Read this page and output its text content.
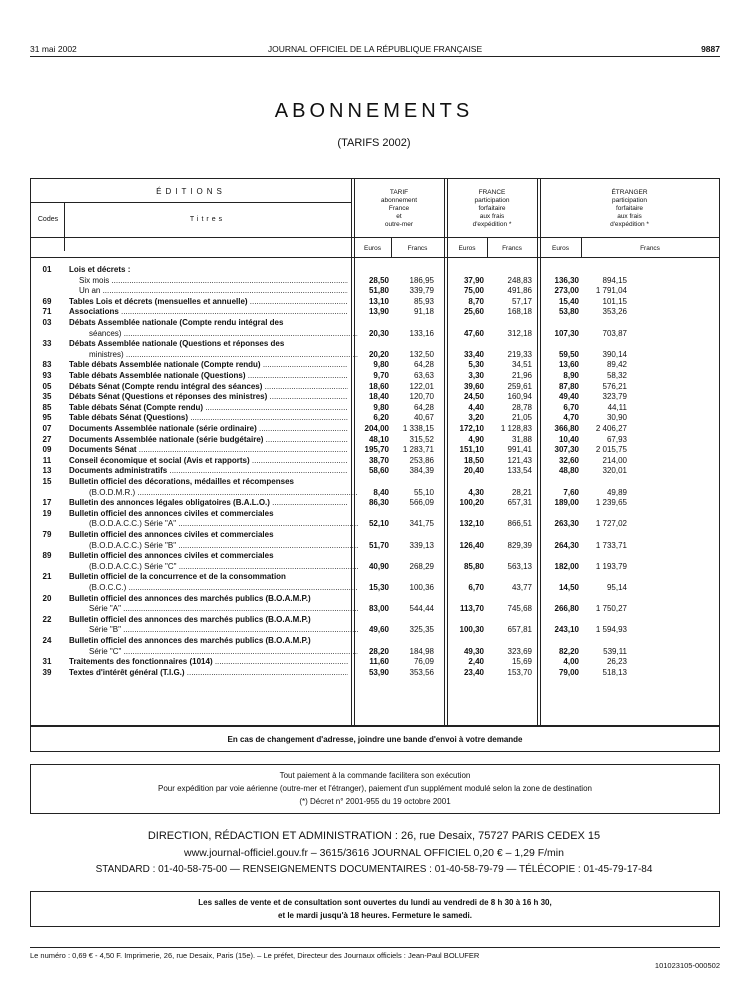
31 mai 2002	JOURNAL OFFICIEL DE LA RÉPUBLIQUE FRANÇAISE	9887
ABONNEMENTS
(TARIFS 2002)
ÉDITIONS
Codes	Titres
TARIF
abonnement
France
et
outre-mer
FRANCE
participation
forfaitaire
aux frais
d'expédition *
ÉTRANGER
participation
forfaitaire
aux frais
d'expédition *
Euros	Francs	Euros	Francs	Euros	Francs
01	Lois et décrets :
Six mois .....	28,50	186,95	37,90	248,83	136,30	894,15
Un an .....	51,80	339,79	75,00	491,86	273,00	1 791,04
69	Tables Lois et décrets (mensuelles et annuelle) .....	13,10	85,93	8,70	57,17	15,40	101,15
71	Associations .....	13,90	91,18	25,60	168,18	53,80	353,26
03	Débats Assemblée nationale (Compte rendu intégral des
séances) .....	20,30	133,16	47,60	312,18	107,30	703,87
33	Débats Assemblée nationale (Questions et réponses des
ministres) .....	20,20	132,50	33,40	219,33	59,50	390,14
83	Table débats Assemblée nationale (Compte rendu) .....	9,80	64,28	5,30	34,51	13,60	89,42
93	Table débats Assemblée nationale (Questions) .....	9,70	63,63	3,30	21,96	8,90	58,32
05	Débats Sénat (Compte rendu intégral des séances) .....	18,60	122,01	39,60	259,61	87,80	576,21
35	Débats Sénat (Questions et réponses des ministres) .....	18,40	120,70	24,50	160,94	49,40	323,79
85	Table débats Sénat (Compte rendu) .....	9,80	64,28	4,40	28,78	6,70	44,11
95	Table débats Sénat (Questions) .....	6,20	40,67	3,20	21,05	4,70	30,90
07	Documents Assemblée nationale (série ordinaire) .....	204,00	1 338,15	172,10	1 128,83	366,80	2 406,27
27	Documents Assemblée nationale (série budgétaire) .....	48,10	315,52	4,90	31,88	10,40	67,93
09	Documents Sénat .....	195,70	1 283,71	151,10	991,41	307,30	2 015,75
11	Conseil économique et social (Avis et rapports) .....	38,70	253,86	18,50	121,43	32,60	214,00
13	Documents administratifs .....	58,60	384,39	20,40	133,54	48,80	320,01
15	Bulletin officiel des décorations, médailles et récompenses
(B.O.D.M.R.) .....	8,40	55,10	4,30	28,21	7,60	49,89
17	Bulletin des annonces légales obligatoires (B.A.L.O.) .....	86,30	566,09	100,20	657,31	189,00	1 239,65
19	Bulletin officiel des annonces civiles et commerciales
(B.O.D.A.C.C.) Série "A" .....	52,10	341,75	132,10	866,51	263,30	1 727,02
79	Bulletin officiel des annonces civiles et commerciales
(B.O.D.A.C.C.) Série "B" .....	51,70	339,13	126,40	829,39	264,30	1 733,71
89	Bulletin officiel des annonces civiles et commerciales
(B.O.D.A.C.C.) Série "C" .....	40,90	268,29	85,80	563,13	182,00	1 193,79
21	Bulletin officiel de la concurrence et de la consommation
(B.O.C.C.) .....	15,30	100,36	6,70	43,77	14,50	95,14
20	Bulletin officiel des annonces des marchés publics (B.O.A.M.P.)
Série "A" .....	83,00	544,44	113,70	745,68	266,80	1 750,27
22	Bulletin officiel des annonces des marchés publics (B.O.A.M.P.)
Série "B" .....	49,60	325,35	100,30	657,81	243,10	1 594,93
24	Bulletin officiel des annonces des marchés publics (B.O.A.M.P.)
Série "C" .....	28,20	184,98	49,30	323,69	82,20	539,11
31	Traitements des fonctionnaires (1014) .....	11,60	76,09	2,40	15,69	4,00	26,23
39	Textes d'intérêt général (T.I.G.) .....	53,90	353,56	23,40	153,70	79,00	518,13
En cas de changement d'adresse, joindre une bande d'envoi à votre demande
Tout paiement à la commande facilitera son exécution
Pour expédition par voie aérienne (outre-mer et l'étranger), paiement d'un supplément modulé selon la zone de destination
(*) Décret n° 2001-955 du 19 octobre 2001
DIRECTION, RÉDACTION ET ADMINISTRATION : 26, rue Desaix, 75727 PARIS CEDEX 15
www.journal-officiel.gouv.fr – 3615/3616 JOURNAL OFFICIEL 0,20 € – 1,29 F/min
STANDARD : 01-40-58-75-00 — RENSEIGNEMENTS DOCUMENTAIRES : 01-40-58-79-79 — TÉLÉCOPIE : 01-45-79-17-84
Les salles de vente et de consultation sont ouvertes du lundi au vendredi de 8 h 30 à 16 h 30,
et le mardi jusqu'à 18 heures. Fermeture le samedi.
Le numéro : 0,69 € - 4,50 F. Imprimerie, 26, rue Desaix, Paris (15e). – Le préfet, Directeur des Journaux officiels : Jean-Paul BOLUFER
101023105-000502
